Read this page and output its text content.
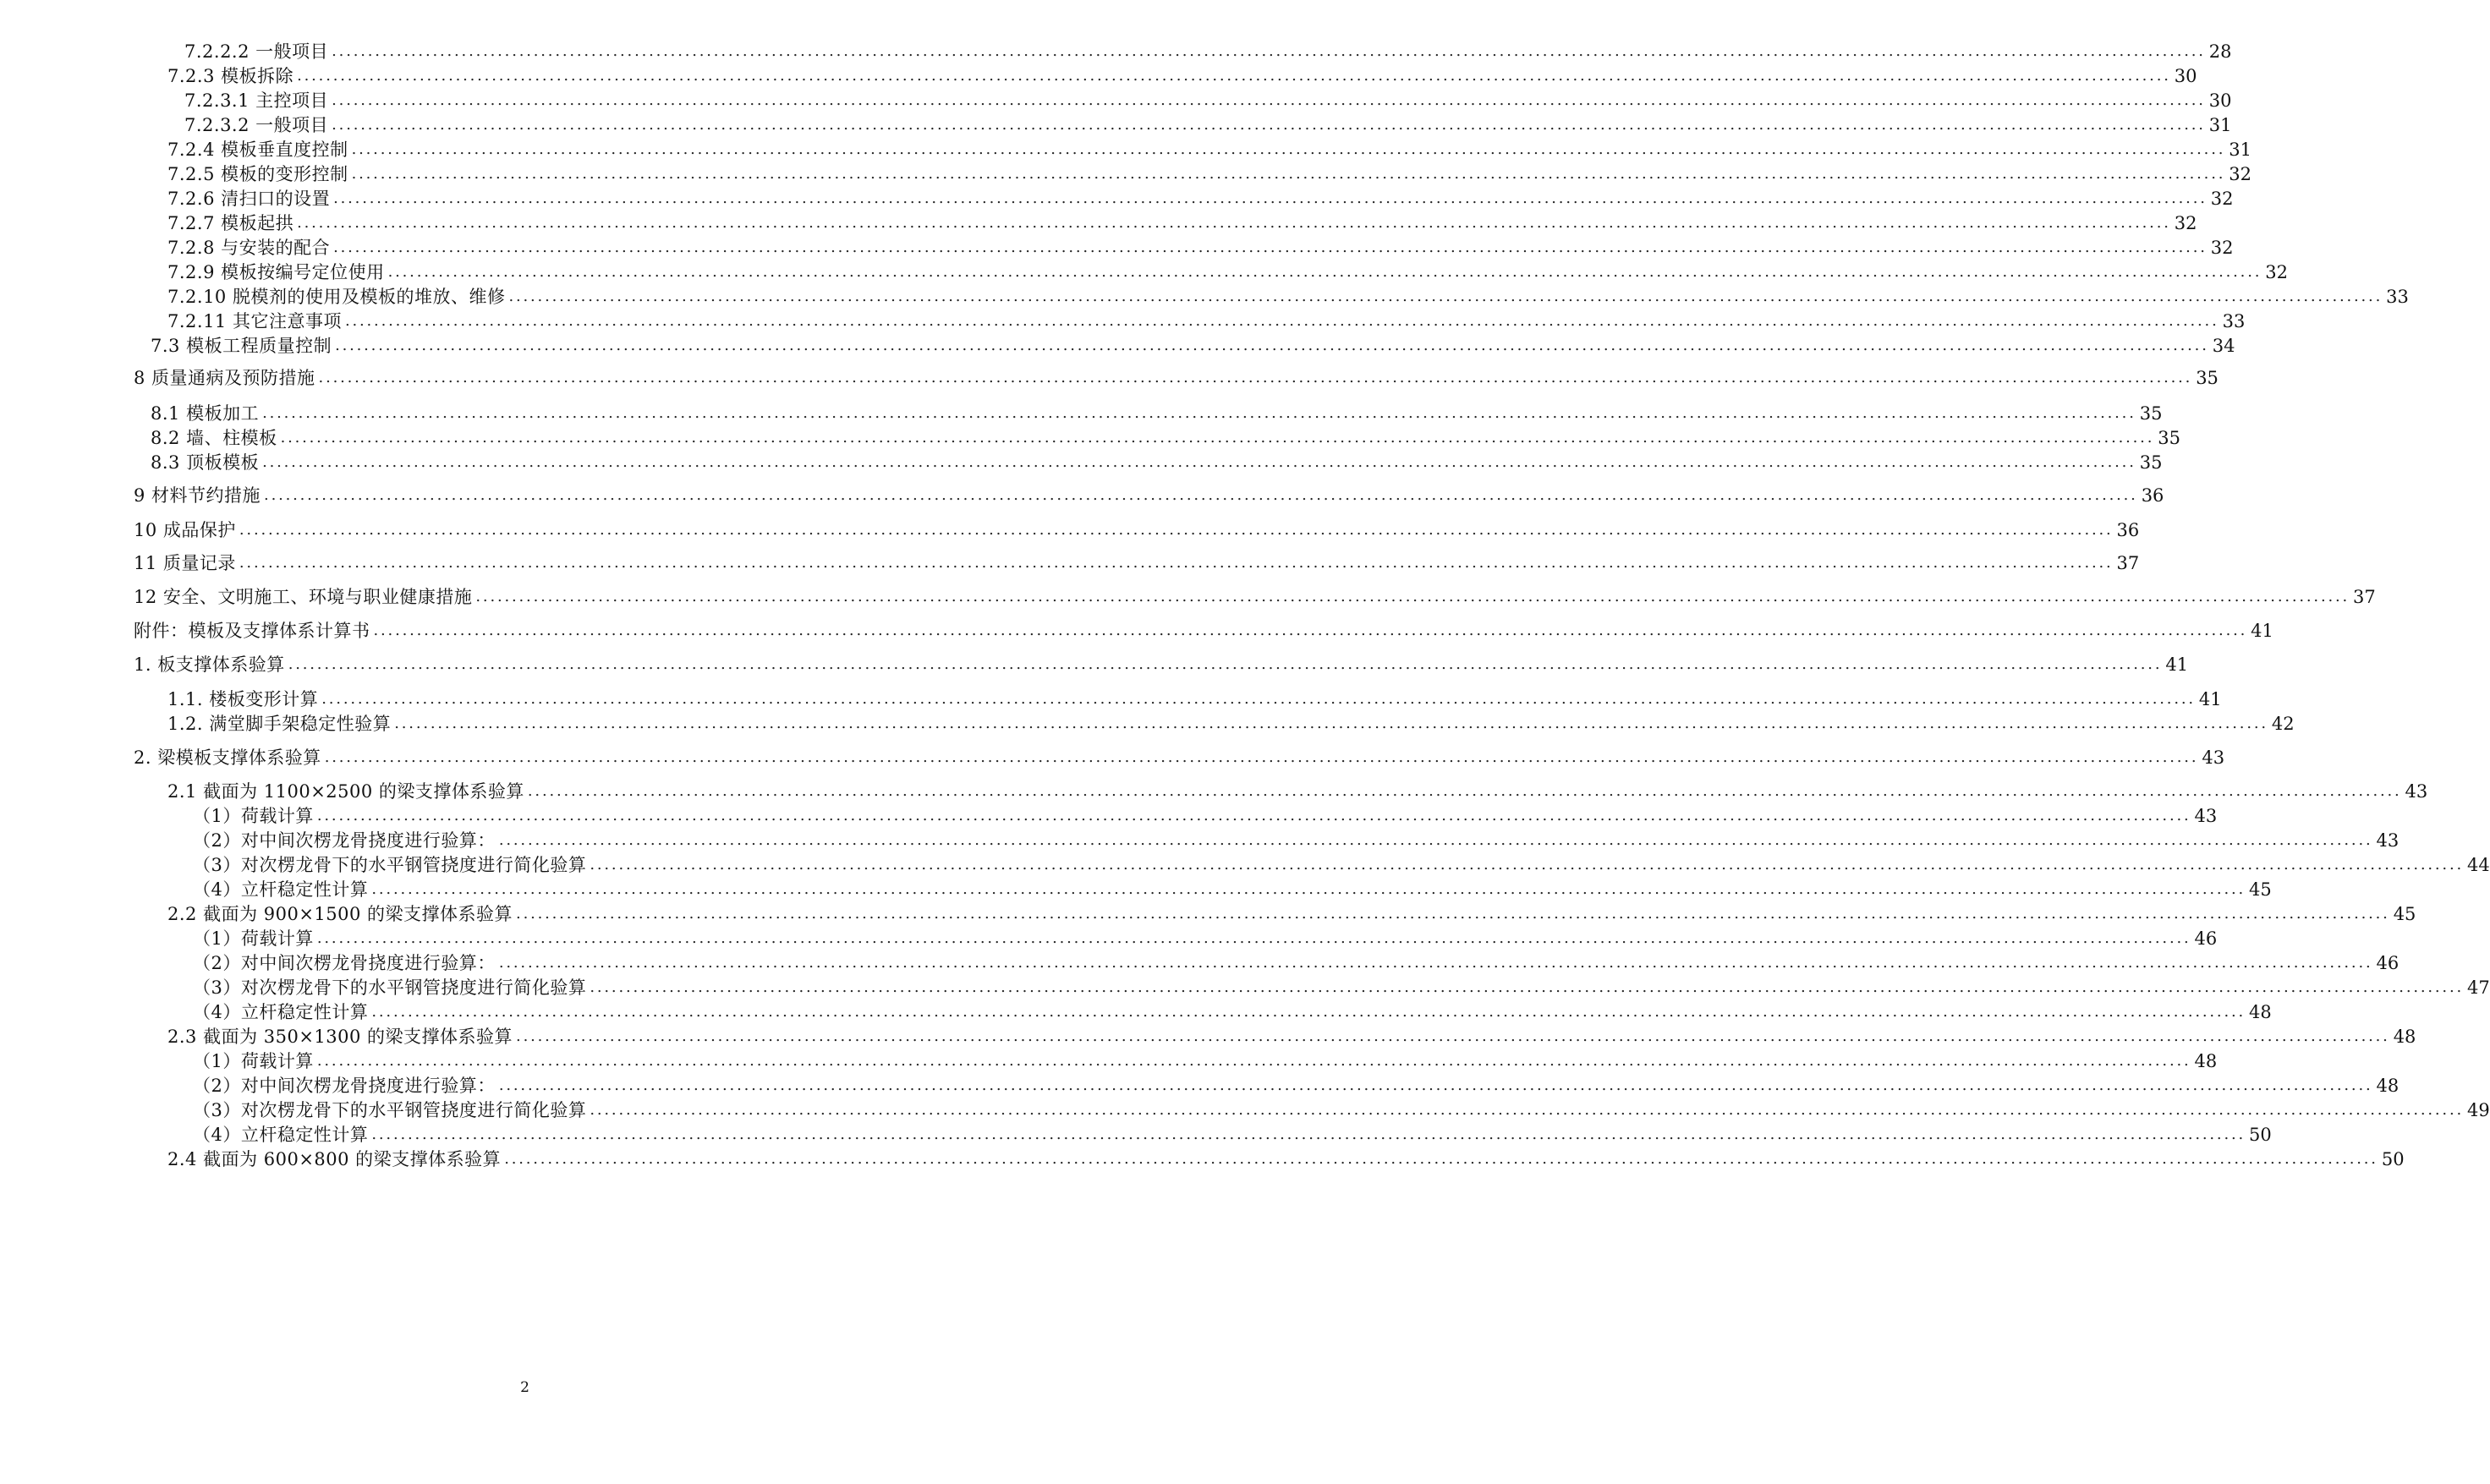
7.2.2.2 一般项目 .................................................................................................................................................................................................................................................................... 28
7.2.3 模板拆除 .................................................................................................................................................................................................................................................................... 30
7.2.3.1 主控项目 .................................................................................................................................................................................................................................................................... 30
7.2.3.2 一般项目 .................................................................................................................................................................................................................................................................... 31
7.2.4 模板垂直度控制 .................................................................................................................................................................................................................................................................... 31
7.2.5 模板的变形控制 .................................................................................................................................................................................................................................................................... 32
7.2.6 清扫口的设置 .................................................................................................................................................................................................................................................................... 32
7.2.7 模板起拱 .................................................................................................................................................................................................................................................................... 32
7.2.8 与安装的配合 .................................................................................................................................................................................................................................................................... 32
7.2.9 模板按编号定位使用 .................................................................................................................................................................................................................................................................... 32
7.2.10 脱模剂的使用及模板的堆放、维修 .................................................................................................................................................................................................................................................................... 33
7.2.11 其它注意事项 .................................................................................................................................................................................................................................................................... 33
7.3 模板工程质量控制 .................................................................................................................................................................................................................................................................... 34
8 质量通病及预防措施 .................................................................................................................................................................................................................................................................... 35
8.1 模板加工 .................................................................................................................................................................................................................................................................... 35
8.2 墙、柱模板 .................................................................................................................................................................................................................................................................... 35
8.3 顶板模板 .................................................................................................................................................................................................................................................................... 35
9 材料节约措施 .................................................................................................................................................................................................................................................................... 36
10 成品保护 .................................................................................................................................................................................................................................................................... 36
11 质量记录 .................................................................................................................................................................................................................................................................... 37
12 安全、文明施工、环境与职业健康措施 .................................................................................................................................................................................................................................................................... 37
附件：模板及支撑体系计算书 .................................................................................................................................................................................................................................................................... 41
1. 板支撑体系验算 .................................................................................................................................................................................................................................................................... 41
1.1. 楼板变形计算 .................................................................................................................................................................................................................................................................... 41
1.2. 满堂脚手架稳定性验算 .................................................................................................................................................................................................................................................................... 42
2. 梁模板支撑体系验算 .................................................................................................................................................................................................................................................................... 43
2.1 截面为 1100×2500 的梁支撑体系验算 .................................................................................................................................................................................................................................................................... 43
（1）荷载计算 .................................................................................................................................................................................................................................................................... 43
（2）对中间次楞龙骨挠度进行验算： .................................................................................................................................................................................................................................................................... 43
（3）对次楞龙骨下的水平钢管挠度进行简化验算 .................................................................................................................................................................................................................................................................... 44
（4）立杆稳定性计算 .................................................................................................................................................................................................................................................................... 45
2.2 截面为 900×1500 的梁支撑体系验算 .................................................................................................................................................................................................................................................................... 45
（1）荷载计算 .................................................................................................................................................................................................................................................................... 46
（2）对中间次楞龙骨挠度进行验算： .................................................................................................................................................................................................................................................................... 46
（3）对次楞龙骨下的水平钢管挠度进行简化验算 .................................................................................................................................................................................................................................................................... 47
（4）立杆稳定性计算 .................................................................................................................................................................................................................................................................... 48
2.3 截面为 350×1300 的梁支撑体系验算 .................................................................................................................................................................................................................................................................... 48
（1）荷载计算 .................................................................................................................................................................................................................................................................... 48
（2）对中间次楞龙骨挠度进行验算： .................................................................................................................................................................................................................................................................... 48
（3）对次楞龙骨下的水平钢管挠度进行简化验算 .................................................................................................................................................................................................................................................................... 49
（4）立杆稳定性计算 .................................................................................................................................................................................................................................................................... 50
2.4 截面为 600×800 的梁支撑体系验算 .................................................................................................................................................................................................................................................................... 50
2
